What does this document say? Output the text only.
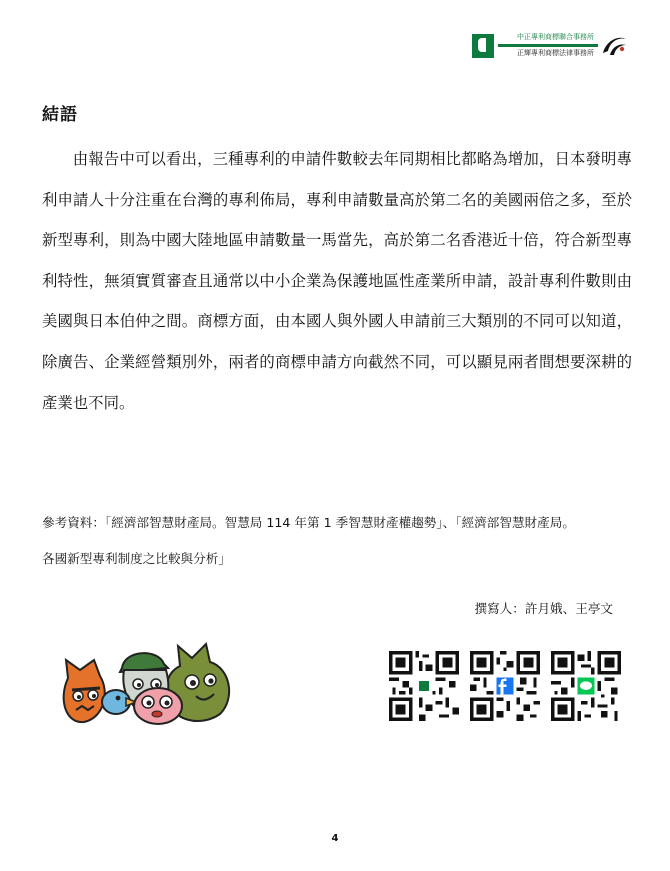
中正專利商標聯合事務所
正輝專利商標法律事務所
結語

由報告中可以看出，三種專利的申請件數較去年同期相比都略為增加，日本發明專利申請人十分注重在台灣的專利佈局，專利申請數量高於第二名的美國兩倍之多，至於新型專利，則為中國大陸地區申請數量一馬當先，高於第二名香港近十倍，符合新型專利特性，無須實質審查且通常以中小企業為保護地區性產業所申請，設計專利件數則由美國與日本伯仲之間。商標方面，由本國人與外國人申請前三大類別的不同可以知道，除廣告、企業經營類別外，兩者的商標申請方向截然不同，可以顯見兩者間想要深耕的產業也不同。

參考資料：「經濟部智慧財產局。智慧局 114 年第 1 季智慧財產權趨勢」、「經濟部智慧財產局。

各國新型專利制度之比較與分析」

撰寫人：許月娥、王亭文
4
